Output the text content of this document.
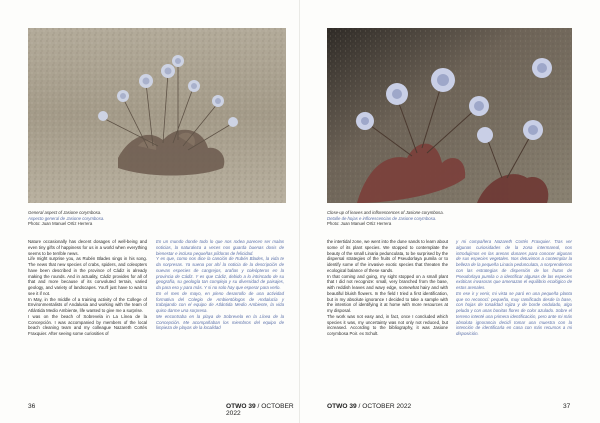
General aspect of Jasione corymbosa.
Aspecto general de Jasione corymbosa.
Photo: Juan Manuel Ortiz Herrera
Nature occasionally has decent dosages of well-being and even tiny gifts of happiness for us in a world when everything seems to be terrible news.
Life might surprise you, as Rubén Blades sings in his song. The news that new species of crabs, spiders, and coleopters have been described in the province of Cádiz is already making the rounds. And in actuality, Cádiz provides for all of that and more because of its convoluted terrain, varied geology, and variety of landscapes. You'll just have to wait to see it if not.
In May, in the middle of a training activity of the College of Environmentalists of Andalusia and working with the team of Atlántida Medio Ambiente, life wanted to give me a surprise.
I was on the beach of Sobrevela in La Línea de la Concepción. I was accompanied by members of the local beach cleaning team and my colleague Nazareth Cortés Fraxquier. After seeing some curiosities of
En un mundo donde todo lo que nos rodea parecen ser malas noticias, la naturaleza a veces nos guarda buenas dosis de bienestar e incluso pequeñas píldoras de felicidad.
Y es que, como nos dice la canción de Rubén Blades, la vida te da sorpresas. Ya suena por ahí la noticia de la descripción de nuevas especies de cangrejos, arañas y coleópteros en la provincia de Cádiz. Y es que Cádiz, debido a lo intrincado de su geografía, su geología tan compleja y su diversidad de paisajes, da para eso y para más. Y si no solo hay que esperar para verlo.
En el mes de mayo, en pleno desarrollo de una actividad formativa del Colegio de Ambientólogos de Andalucía y trabajando con el equipo de Atlántida Medio Ambiente, la vida quiso darme una sorpresa.
Me encontraba en la playa de Sobrevela en la Línea de la Concepción. Me acompañaban los miembros del equipo de limpieza de playas de la localidad
36	OTWO 39 / OCTOBER 2022
Close-up of leaves and inflorescences of Jasione corymbosa.
Detalle de hojas e inflorescencias de Jasione corymbosa.
Photo: Juan Manuel Ortiz Herrera
the intertidal zone, we went into the dune sands to learn about some of its plant species. We stopped to contemplate the beauty of the small Linaria pedunculata, to be surprised by the dispersal strategies of the fruits of Pseudorlaya pumila or to identify some of the invasive exotic species that threaten the ecological balance of these sands.
In that coming and going, my sight stopped on a small plant that I did not recognize: small, very branched from the base, with reddish leaves and wavy edge, somewhat hairy and with beautiful bluish flowers. In the field I tried a first identification, but in my absolute ignorance I decided to take a sample with the intention of identifying it at home with more resources at my disposal.
The work was not easy and, in fact, once I concluded which species it was, my uncertainty was not only not reduced, but increased. According to the bibliography, it was Jasione corymbosa Poir. ex Schult.
y mi compañera Nazareth Cortés Fraxquier. Tras ver algunas curiosidades de la zona intermareal, nos introdujimos en las arenas dunares para conocer algunas de sus especies vegetales. Nos detuvimos a contemplar la belleza de la pequeña Linaria pedunculata, a sorprendernos con las estrategias de dispersión de los frutos de Pseudorlaya pumila o a identificar algunas de las especies exóticas invasoras que amenazan el equilibrio ecológico de estos arenales.
En ese ir y venir, mi vista se paró en una pequeña planta que no reconocí: pequeña, muy ramificada desde la base, con hojas de tonalidad rojiza y de borde ondulado, algo peluda y con unas bonitas flores de color azulado. Sobre el terreno intenté una primera identificación, pero ante mi más absoluta ignorancia decidí tomar una muestra con la intención de identificarla en casa con más recursos a mi disposición.
OTWO 39 / OCTOBER 2022	37
